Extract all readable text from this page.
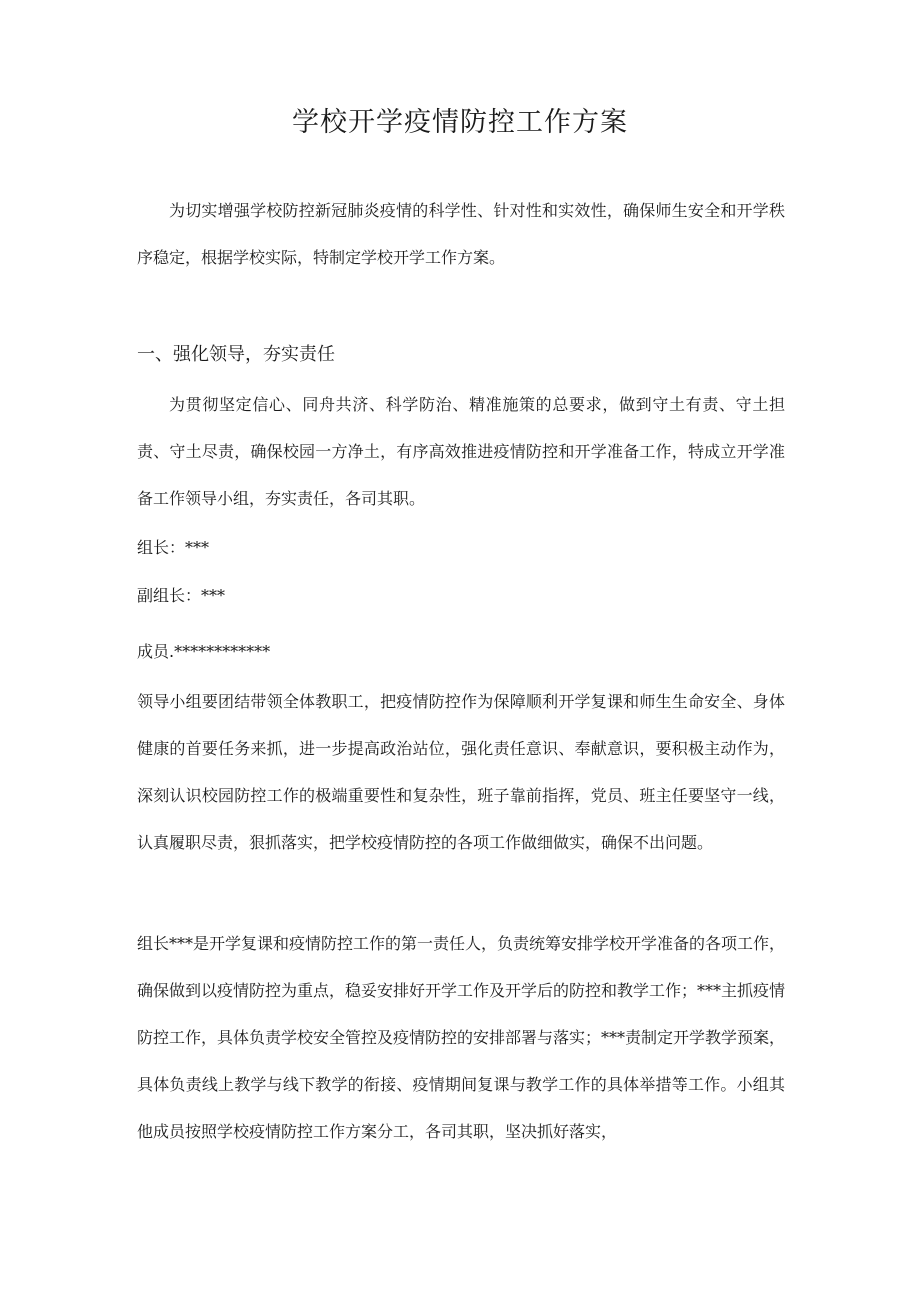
学校开学疫情防控工作方案

为切实增强学校防控新冠肺炎疫情的科学性、针对性和实效性，确保师生安全和开学秩序稳定，根据学校实际，特制定学校开学工作方案。

一、强化领导，夯实责任

为贯彻坚定信心、同舟共济、科学防治、精准施策的总要求，做到守土有责、守土担责、守土尽责，确保校园一方净土，有序高效推进疫情防控和开学准备工作，特成立开学准备工作领导小组，夯实责任，各司其职。

组长：***

副组长：***

成员.************

领导小组要团结带领全体教职工，把疫情防控作为保障顺利开学复课和师生生命安全、身体健康的首要任务来抓，进一步提高政治站位，强化责任意识、奉献意识，要积极主动作为，深刻认识校园防控工作的极端重要性和复杂性，班子靠前指挥，党员、班主任要坚守一线，认真履职尽责，狠抓落实，把学校疫情防控的各项工作做细做实，确保不出问题。

组长***是开学复课和疫情防控工作的第一责任人，负责统筹安排学校开学准备的各项工作，确保做到以疫情防控为重点，稳妥安排好开学工作及开学后的防控和教学工作；***主抓疫情防控工作，具体负责学校安全管控及疫情防控的安排部署与落实；***责制定开学教学预案，具体负责线上教学与线下教学的衔接、疫情期间复课与教学工作的具体举措等工作。小组其他成员按照学校疫情防控工作方案分工，各司其职，坚决抓好落实，
